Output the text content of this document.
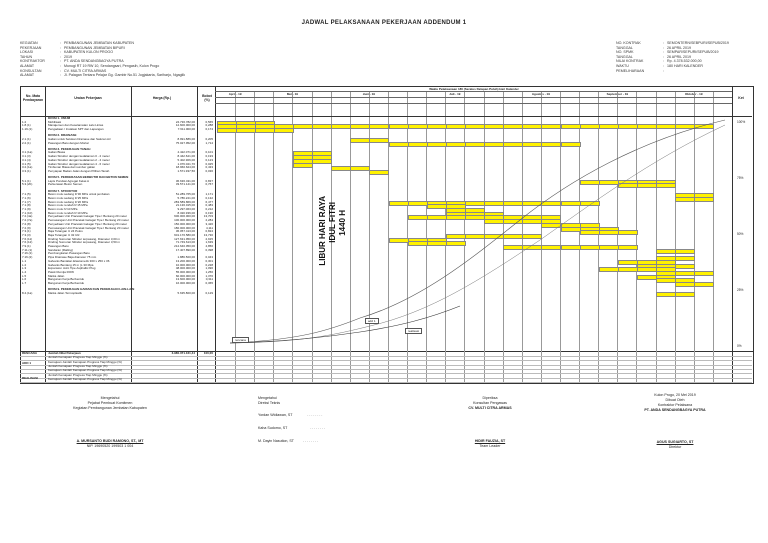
JADWAL PELAKSANAAN PEKERJAAN ADDENDUM 1
KEGIATAN	: PEMBANGUNAN JEMBATAN KABUPATEN
PEKERJAAN	: PEMBANGUNAN JEMBATAN BIPURI
LOKASI	: KABUPATEN KULON PROGO
TAHUN	: 2019
KONTRAKTOR	: PT. ANDA SENDANGBAGYA PUTRA
ALAMAT	: Munugi RT 19 RW 10, Sendangsari, Pengasih, Kulon Progo
KONSULTAN	: CV. MULTI CITRA ARMAS
ALAMAT	: Jl. Palagan Tentara Pelajar Gg. Gambir No.51 Jogjakarta, Sariharjo, Ngaglik
NO. KONTRAK	: SEMONTERN/SEBPURI/SEPUB/2019
TANGGAL	: 26 APRIL 2019
NO. SPMK	: SEMPAR/SEPURI/SEPUB/2019
TANGGAL	: 26 APRIL 2019
NILAI KONTRAK	: Rp. 4.378.532.000,00
WAKTU	: 180 HARI KALENDER
PEMELIHARAAN	:
No. Mata Pembayaran	Uraian Pekerjaan	Harga (Rp.)	Bobot (%)	Ket
Waktu Pelaksanaan 180 (Seratus Delapan Puluh) Hari Kalender
April - 19	Mei - 19	Juni - 19	Juli - 19	Agustus - 19	September - 19	Oktober - 19
DIVISI 1. UMUM
1.2	Mobilisasi	24.736.782,00	0,565
1.8.(1)	Manajemen dan Keselamatan Lalu Lintas	12.600.000,00	0,288
1.19.(1)	Pengadaan / Instalasi SPT dan Lapangan	7.611.000,00	0,174
DIVISI 2. DRAINASE
2.1.(1)	Galian untuk Selokan Drainase dan Saluran Air	8.991.886,00	0,205
2.2.(1)	Pasangan Batu dengan Mortar	75.027.952,00	1,714
DIVISI 3. PEKERJAAN TANAH
3.1.(1a)	Galian Biasa	4.422.071,00	0,101
3.1.(3)	Galian Struktur dengan kedalaman 0 - 2 meter	8.442.621,00	0,193
3.1.(4)	Galian Struktur dengan kedalaman 2 - 4 meter	5.402.906,00	0,123
3.1.(5)	Galian Struktur dengan kedalaman 4 - 6 meter	1.076.021,76	0,025
3.2.(1a)	Timbunan Biasa dari sumber galian	18.960.624,00	0,433
3.3.(1)	Penyiapan Badan Jalan dengan Pilihan Tanah	1.571.937,56	0,036
DIVISI 5. PERKERASAN BERBUTIR DAN BETON SEMEN
5.1.(1)	Lapis Pondasi Agregat Kelas A	36.636.431,00	0,837
5.3.(2b)	Perkerasan Beton Semen	33.571.141,00	0,767
DIVISI 7. STRUKTUR
7.1.(5)	Beton mutu sedang fc'30 MPa untuk jembatan	51.289.765,00	1,171
7.1.(6)	Beton mutu sedang fc'25 MPa	5.786.221,00	0,132
7.1.(7)	Beton mutu sedang fc'20 MPa	283.589.869,00	6,477
7.1.(8)	Beton mutu rendah fc'15 MPa	21.136.015,00	0,483
7.1.(9)	Beton mutu fc'10 MPa	9.297.063,00	0,212
7.1.(10)	Beton mutu rendah fc'10 MPa	8.320.936,00	0,190
7.2.(4a)	Penyediaan Unit Pracetak Gelagar Tipe I Bentang 20 meter	600.000.000,00	13,703
7.2.(7a)	Pemasangan Unit Pracetak Gelagar Tipe I Bentang 20 meter	100.000.000,00	2,284
7.2.(8)	Penyediaan Unit Pracetak Gelagar Tipe I Bentang 20 meter	150.000.000,00	3,426
7.2.(9)	Pemasangan Unit Pracetak Gelagar Tipe I Bentang 20 meter	180.000.000,00	4,111
7.3.(1)	Baja Tulangan U 24 Polos	36.057.413,00	0,824
7.3.(3)	Baja Tulangan U 32 Ulir	601.176.580,00	13,730
7.6.(11)	Dinding Sumuran Silinder terpasang, Diameter 3,00 m	127.631.950,00	2,915
7.6.(12)	Dinding Sumuran Silinder terpasang, Diameter 3,50 m	71.749.613,00	1,639
7.9.(1)	Pasangan Batu	212.640.050,00	4,856
7.11.(1)	Sandaran (Railing)	17.407.890,00	0,398
7.16.(1)	Pembongkaran Pasangan Batu
7.16.(2)	Pipa Drainase Baja diameter 75 mm	1.886.500,00	0,043
L.1	Galvanis Bantalan Elastomerik 300 x 250 x 36	13.200.000,00	0,301
L.2	Galvanis Bentang 15 m (L 30 Mpa	10.000.000,00	0,228
L.3	Expansion Joint Tipe Asphaltic Plug	48.000.000,00	1,096
L.4	Patok Rumija ROW	55.000.000,00	1,256
L.5	Marka Jalan	60.000.000,00	1,370
L.6	Bangunan Kerja Berbentuk	13.600.000,00	0,311
L.7	Bangunan Kerja Berbentuk	16.000.000,00	0,365
DIVISI 9. PEKERJAAN HARIAN DAN PEKERJAAN LAIN-LAIN
8.4.(1a)	Marka Jalan Termoplastik	5.635.800,00	0,129
LIBUR HARI RAYA IDUL FITRI 1440 H
100%
75%
50%
25%
0%
rencana
add 1
realisasi
Jumlah Nilai Pekerjaan	3.980.371.161,44	100,00
Jumlah Kemajuan Progress Tiap Minggu (%)
Kemajuan Jumlah Kemajuan Progress Tiap Minggu (%)
Jumlah Kemajuan Progress Tiap Minggu (%)
Kemajuan Jumlah Kemajuan Progress Tiap Minggu (%)
Jumlah Kemajuan Progress Tiap Minggu (%)
Kemajuan Jumlah Kemajuan Progress Tiap Minggu (%)
RENCANA
ADD 1
REALISASI
Mengetahui
Pejabat Pembuat Komitmen
Kegiatan Pembangunan Jembatan Kabupaten
A. MURSANTO BUDI RAMONO, ST., MT
NIP. 19690520 199503 1 004
Mengetahui
Direksi Teknis
Yordan Widiawan, ST	. . . . . . . .
Kaha Sudomo, ST	. . . . . . . .
M. Dayin Nasution, ST	. . . . . . . .
Diperiksa
Konsultan Pengawas
CV. MULTI CITRA ARMAS
HIDIR FAUZIA, ST
Team Leader
Kulon Progo, 20 Mei 2019
Dibuat Oleh
Kontraktor Pelaksana
PT. ANDA SENDANGBAGYA PUTRA
AGUS SUGIARTO, ST
Direktur
